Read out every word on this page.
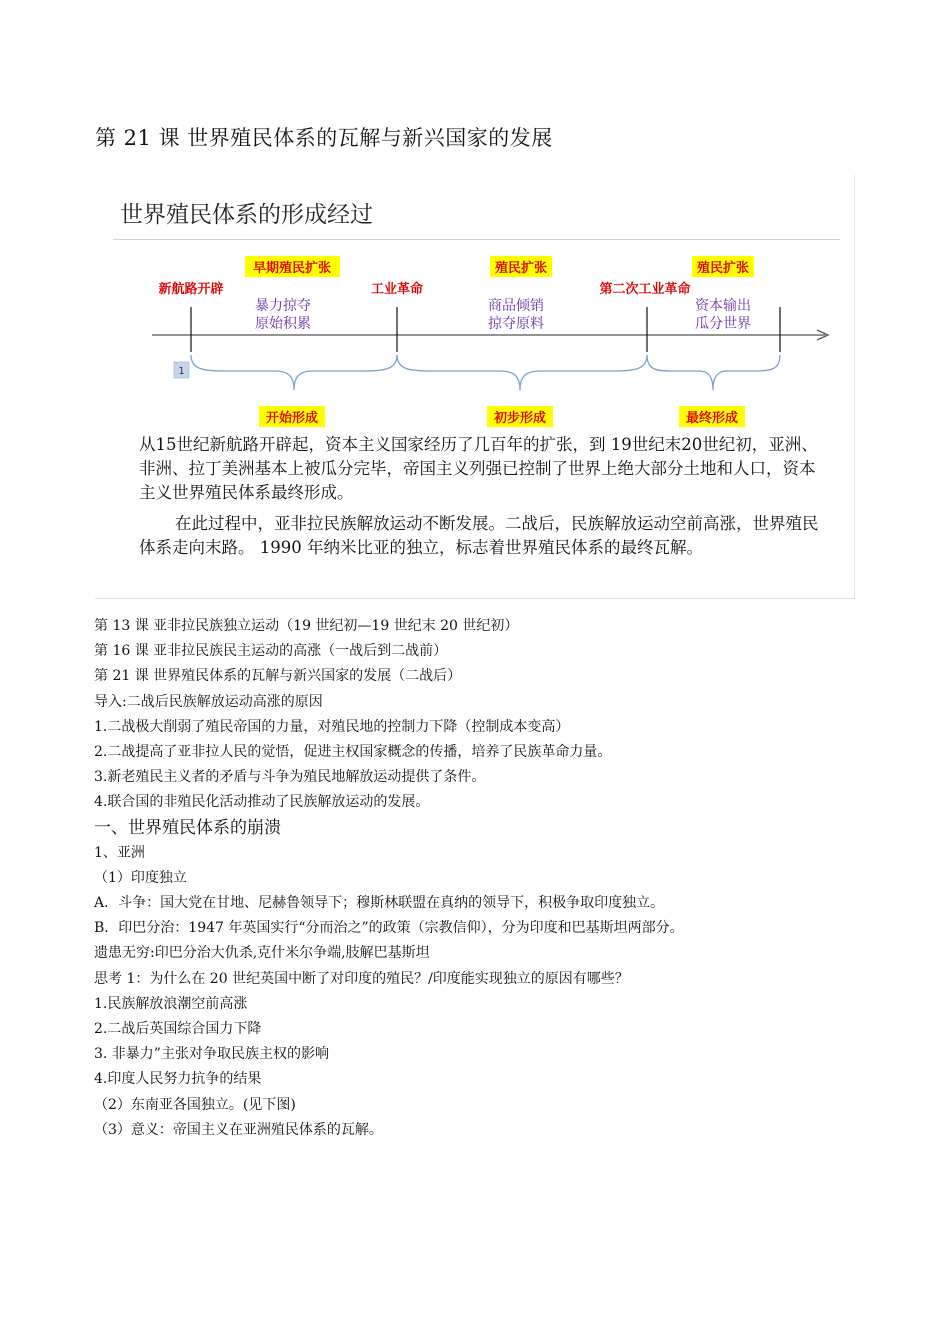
第 21 课 世界殖民体系的瓦解与新兴国家的发展
世界殖民体系的形成经过
早期殖民扩张	殖民扩张	殖民扩张
新航路开辟	工业革命	第二次工业革命
暴力掠夺
原始积累
商品倾销
掠夺原料
资本输出
瓜分世界
1
开始形成	初步形成	最终形成
从15世纪新航路开辟起，资本主义国家经历了几百年的扩张，到 19世纪末20世纪初，亚洲、非洲、拉丁美洲基本上被瓜分完毕，帝国主义列强已控制了世界上绝大部分土地和人口，资本主义世界殖民体系最终形成。
在此过程中，亚非拉民族解放运动不断发展。二战后，民族解放运动空前高涨，世界殖民体系走向末路。 1990 年纳米比亚的独立，标志着世界殖民体系的最终瓦解。
第 13 课 亚非拉民族独立运动（19 世纪初—19 世纪末 20 世纪初）
第 16 课 亚非拉民族民主运动的高涨（一战后到二战前）
第 21 课 世界殖民体系的瓦解与新兴国家的发展（二战后）
导入:二战后民族解放运动高涨的原因
1.二战极大削弱了殖民帝国的力量，对殖民地的控制力下降（控制成本变高）
2.二战提高了亚非拉人民的觉悟，促进主权国家概念的传播，培养了民族革命力量。
3.新老殖民主义者的矛盾与斗争为殖民地解放运动提供了条件。
4.联合国的非殖民化活动推动了民族解放运动的发展。
一、世界殖民体系的崩溃
1、亚洲
（1）印度独立
A．斗争：国大党在甘地、尼赫鲁领导下；穆斯林联盟在真纳的领导下，积极争取印度独立。
B．印巴分治：1947 年英国实行“分而治之”的政策（宗教信仰），分为印度和巴基斯坦两部分。
遗患无穷:印巴分治大仇杀,克什米尔争端,肢解巴基斯坦
思考 1：为什么在 20 世纪英国中断了对印度的殖民？/印度能实现独立的原因有哪些？
1.民族解放浪潮空前高涨
2.二战后英国综合国力下降
3. 非暴力”主张对争取民族主权的影响
4.印度人民努力抗争的结果
（2）东南亚各国独立。(见下图)
（3）意义：帝国主义在亚洲殖民体系的瓦解。
